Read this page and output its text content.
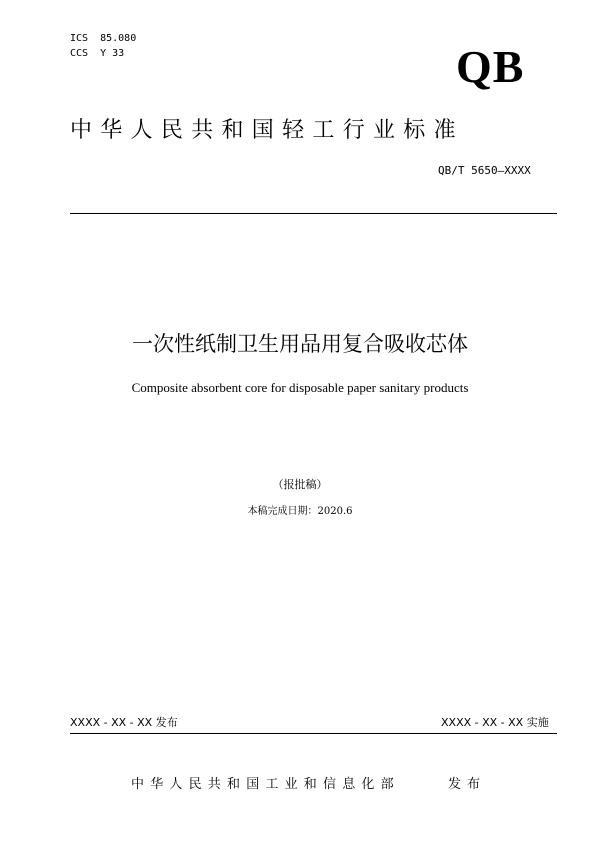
ICS  85.080
CCS  Y 33	QB
中华人民共和国轻工行业标准
QB/T 5650—XXXX
一次性纸制卫生用品用复合吸收芯体
Composite absorbent core for disposable paper sanitary products
（报批稿）
本稿完成日期：2020.6
XXXX - XX - XX 发布	XXXX - XX - XX 实施
中华人民共和国工业和信息化部	发布
